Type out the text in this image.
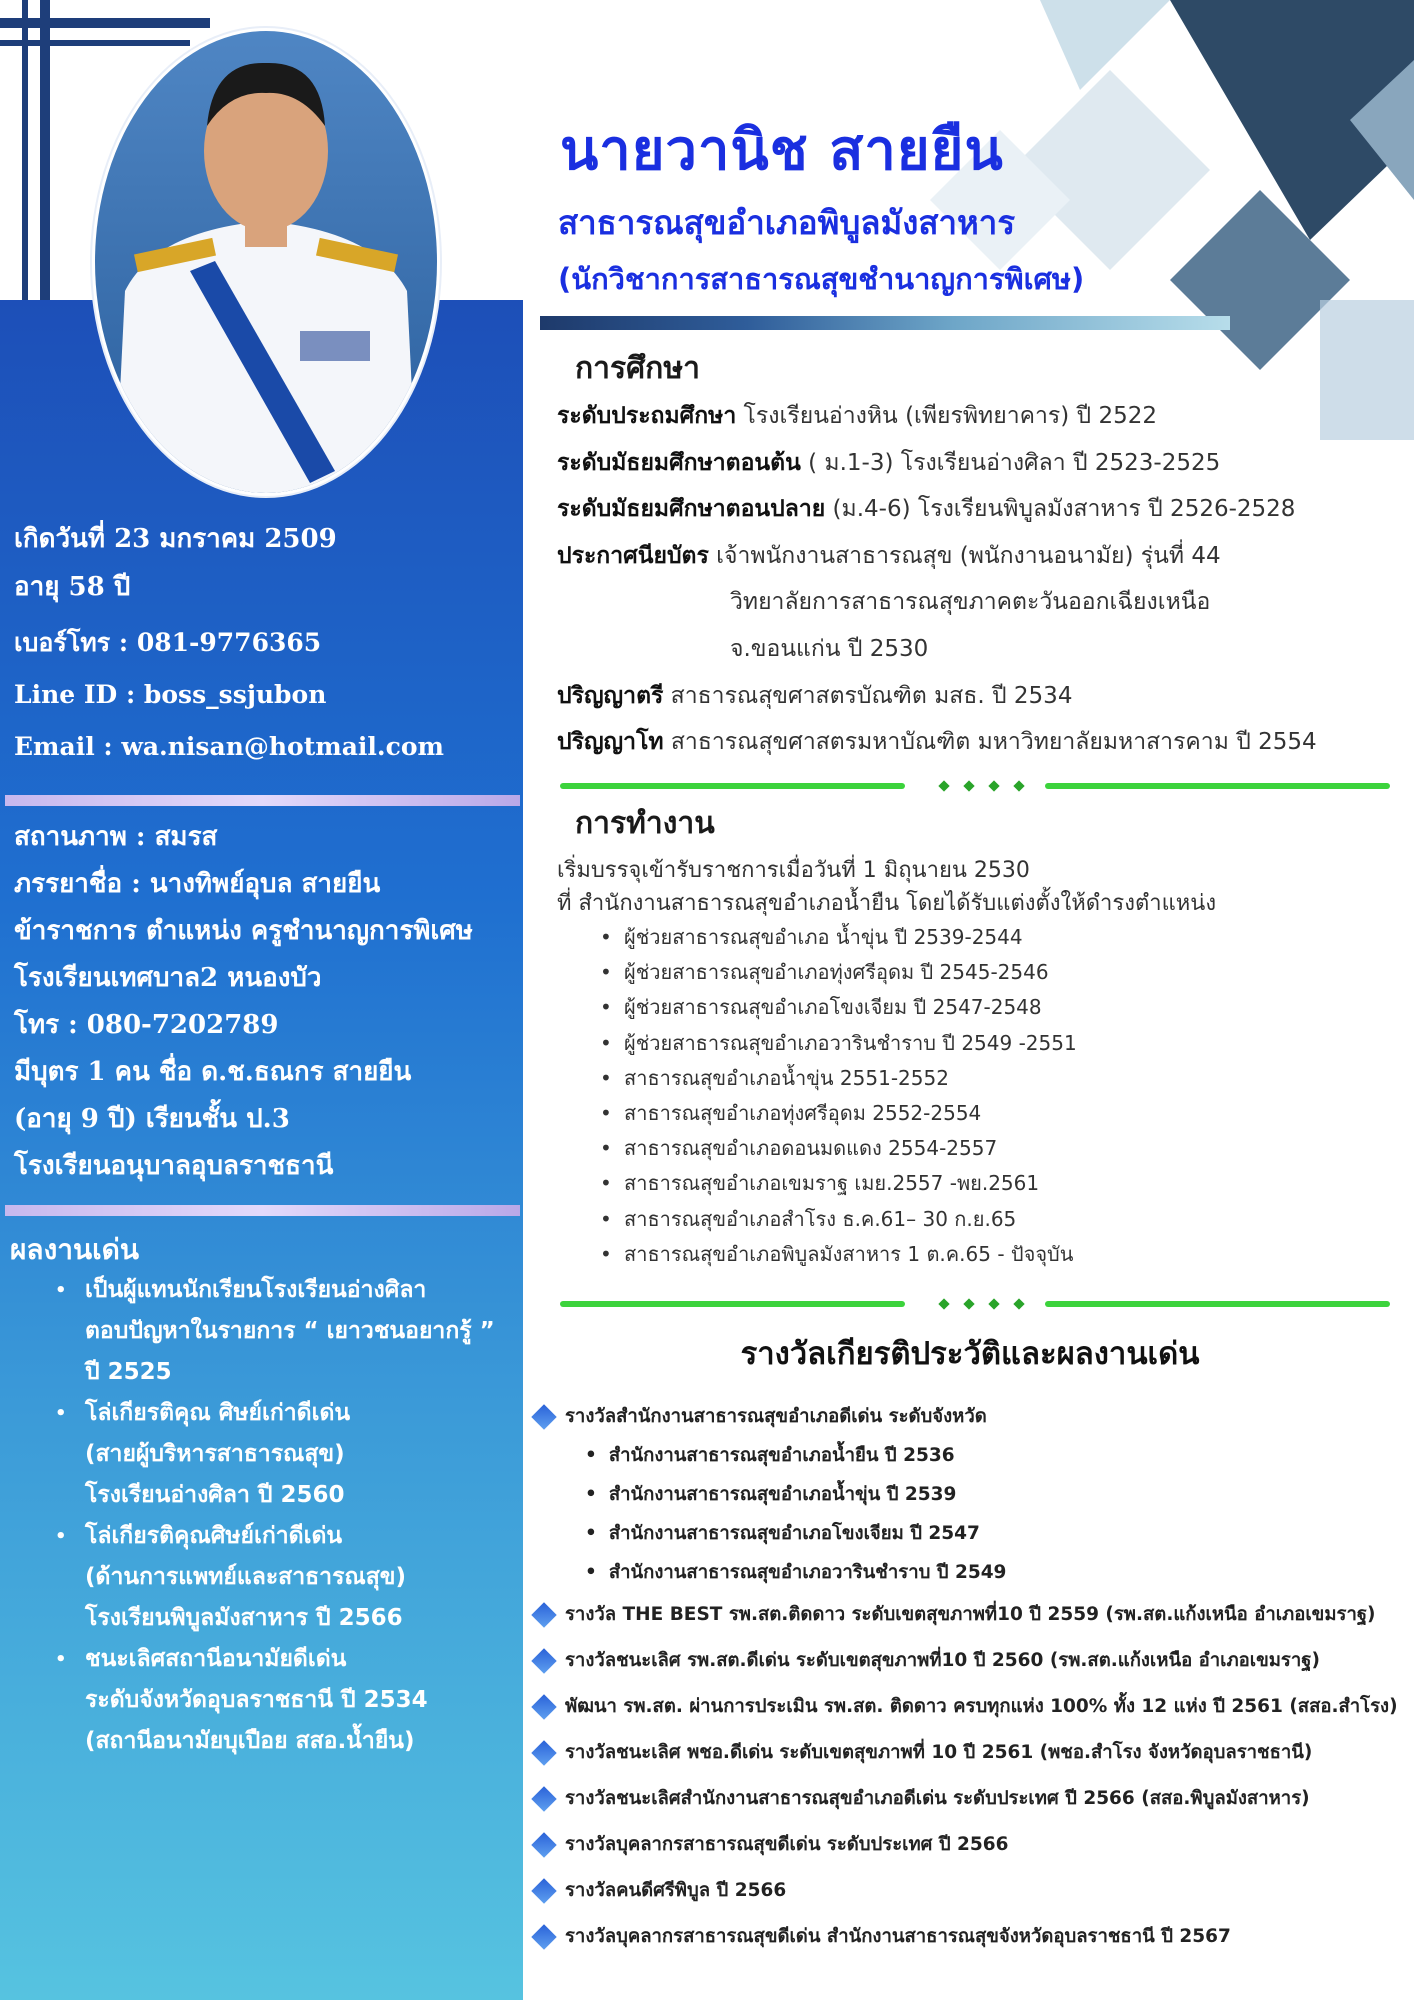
เกิดวันที่ 23 มกราคม 2509
อายุ 58 ปี
เบอร์โทร : 081-9776365
Line ID : boss_ssjubon
Email : wa.nisan@hotmail.com
สถานภาพ : สมรส
ภรรยาชื่อ : นางทิพย์อุบล สายยืน
ข้าราชการ ตำแหน่ง ครูชำนาญการพิเศษ
โรงเรียนเทศบาล2 หนองบัว
โทร : 080-7202789
มีบุตร 1 คน ชื่อ ด.ช.ธณกร สายยืน
(อายุ 9 ปี) เรียนชั้น ป.3
โรงเรียนอนุบาลอุบลราชธานี
ผลงานเด่น
• เป็นผู้แทนนักเรียนโรงเรียนอ่างศิลา
ตอบปัญหาในรายการ “ เยาวชนอยากรู้ ”
ปี 2525
• โล่เกียรติคุณ ศิษย์เก่าดีเด่น
(สายผู้บริหารสาธารณสุข)
โรงเรียนอ่างศิลา ปี 2560
• โล่เกียรติคุณศิษย์เก่าดีเด่น
(ด้านการแพทย์และสาธารณสุข)
โรงเรียนพิบูลมังสาหาร ปี 2566
• ชนะเลิศสถานีอนามัยดีเด่น
ระดับจังหวัดอุบลราชธานี ปี 2534
(สถานีอนามัยบุเปือย สสอ.น้ำยืน)
นายวานิช สายยืน
สาธารณสุขอำเภอพิบูลมังสาหาร
(นักวิชาการสาธารณสุขชำนาญการพิเศษ)
การศึกษา
ระดับประถมศึกษา โรงเรียนอ่างหิน (เพียรพิทยาคาร) ปี 2522
ระดับมัธยมศึกษาตอนต้น ( ม.1-3) โรงเรียนอ่างศิลา ปี 2523-2525
ระดับมัธยมศึกษาตอนปลาย (ม.4-6) โรงเรียนพิบูลมังสาหาร ปี 2526-2528
ประกาศนียบัตร เจ้าพนักงานสาธารณสุข (พนักงานอนามัย) รุ่นที่ 44
วิทยาลัยการสาธารณสุขภาคตะวันออกเฉียงเหนือ
จ.ขอนแก่น ปี 2530
ปริญญาตรี สาธารณสุขศาสตรบัณฑิต มสธ. ปี 2534
ปริญญาโท สาธารณสุขศาสตรมหาบัณฑิต มหาวิทยาลัยมหาสารคาม ปี 2554
การทำงาน
เริ่มบรรจุเข้ารับราชการเมื่อวันที่ 1 มิถุนายน 2530
ที่ สำนักงานสาธารณสุขอำเภอน้ำยืน โดยได้รับแต่งตั้งให้ดำรงตำแหน่ง
• ผู้ช่วยสาธารณสุขอำเภอ น้ำขุ่น ปี 2539-2544
• ผู้ช่วยสาธารณสุขอำเภอทุ่งศรีอุดม ปี 2545-2546
• ผู้ช่วยสาธารณสุขอำเภอโขงเจียม ปี 2547-2548
• ผู้ช่วยสาธารณสุขอำเภอวารินชำราบ ปี 2549 -2551
• สาธารณสุขอำเภอน้ำขุ่น 2551-2552
• สาธารณสุขอำเภอทุ่งศรีอุดม 2552-2554
• สาธารณสุขอำเภอดอนมดแดง 2554-2557
• สาธารณสุขอำเภอเขมราฐ เมย.2557 -พย.2561
• สาธารณสุขอำเภอสำโรง ธ.ค.61– 30 ก.ย.65
• สาธารณสุขอำเภอพิบูลมังสาหาร 1 ต.ค.65 - ปัจจุบัน
รางวัลเกียรติประวัติและผลงานเด่น
รางวัลสำนักงานสาธารณสุขอำเภอดีเด่น ระดับจังหวัด
• สำนักงานสาธารณสุขอำเภอน้ำยืน ปี 2536
• สำนักงานสาธารณสุขอำเภอน้ำขุ่น ปี 2539
• สำนักงานสาธารณสุขอำเภอโขงเจียม ปี 2547
• สำนักงานสาธารณสุขอำเภอวารินชำราบ ปี 2549
รางวัล THE BEST รพ.สต.ติดดาว ระดับเขตสุขภาพที่10 ปี 2559 (รพ.สต.แก้งเหนือ อำเภอเขมราฐ)
รางวัลชนะเลิศ รพ.สต.ดีเด่น ระดับเขตสุขภาพที่10 ปี 2560 (รพ.สต.แก้งเหนือ อำเภอเขมราฐ)
พัฒนา รพ.สต. ผ่านการประเมิน รพ.สต. ติดดาว ครบทุกแห่ง 100% ทั้ง 12 แห่ง ปี 2561 (สสอ.สำโรง)
รางวัลชนะเลิศ พชอ.ดีเด่น ระดับเขตสุขภาพที่ 10 ปี 2561 (พชอ.สำโรง จังหวัดอุบลราชธานี)
รางวัลชนะเลิศสำนักงานสาธารณสุขอำเภอดีเด่น ระดับประเทศ ปี 2566 (สสอ.พิบูลมังสาหาร)
รางวัลบุคลากรสาธารณสุขดีเด่น ระดับประเทศ ปี 2566
รางวัลคนดีศรีพิบูล ปี 2566
รางวัลบุคลากรสาธารณสุขดีเด่น สำนักงานสาธารณสุขจังหวัดอุบลราชธานี ปี 2567
